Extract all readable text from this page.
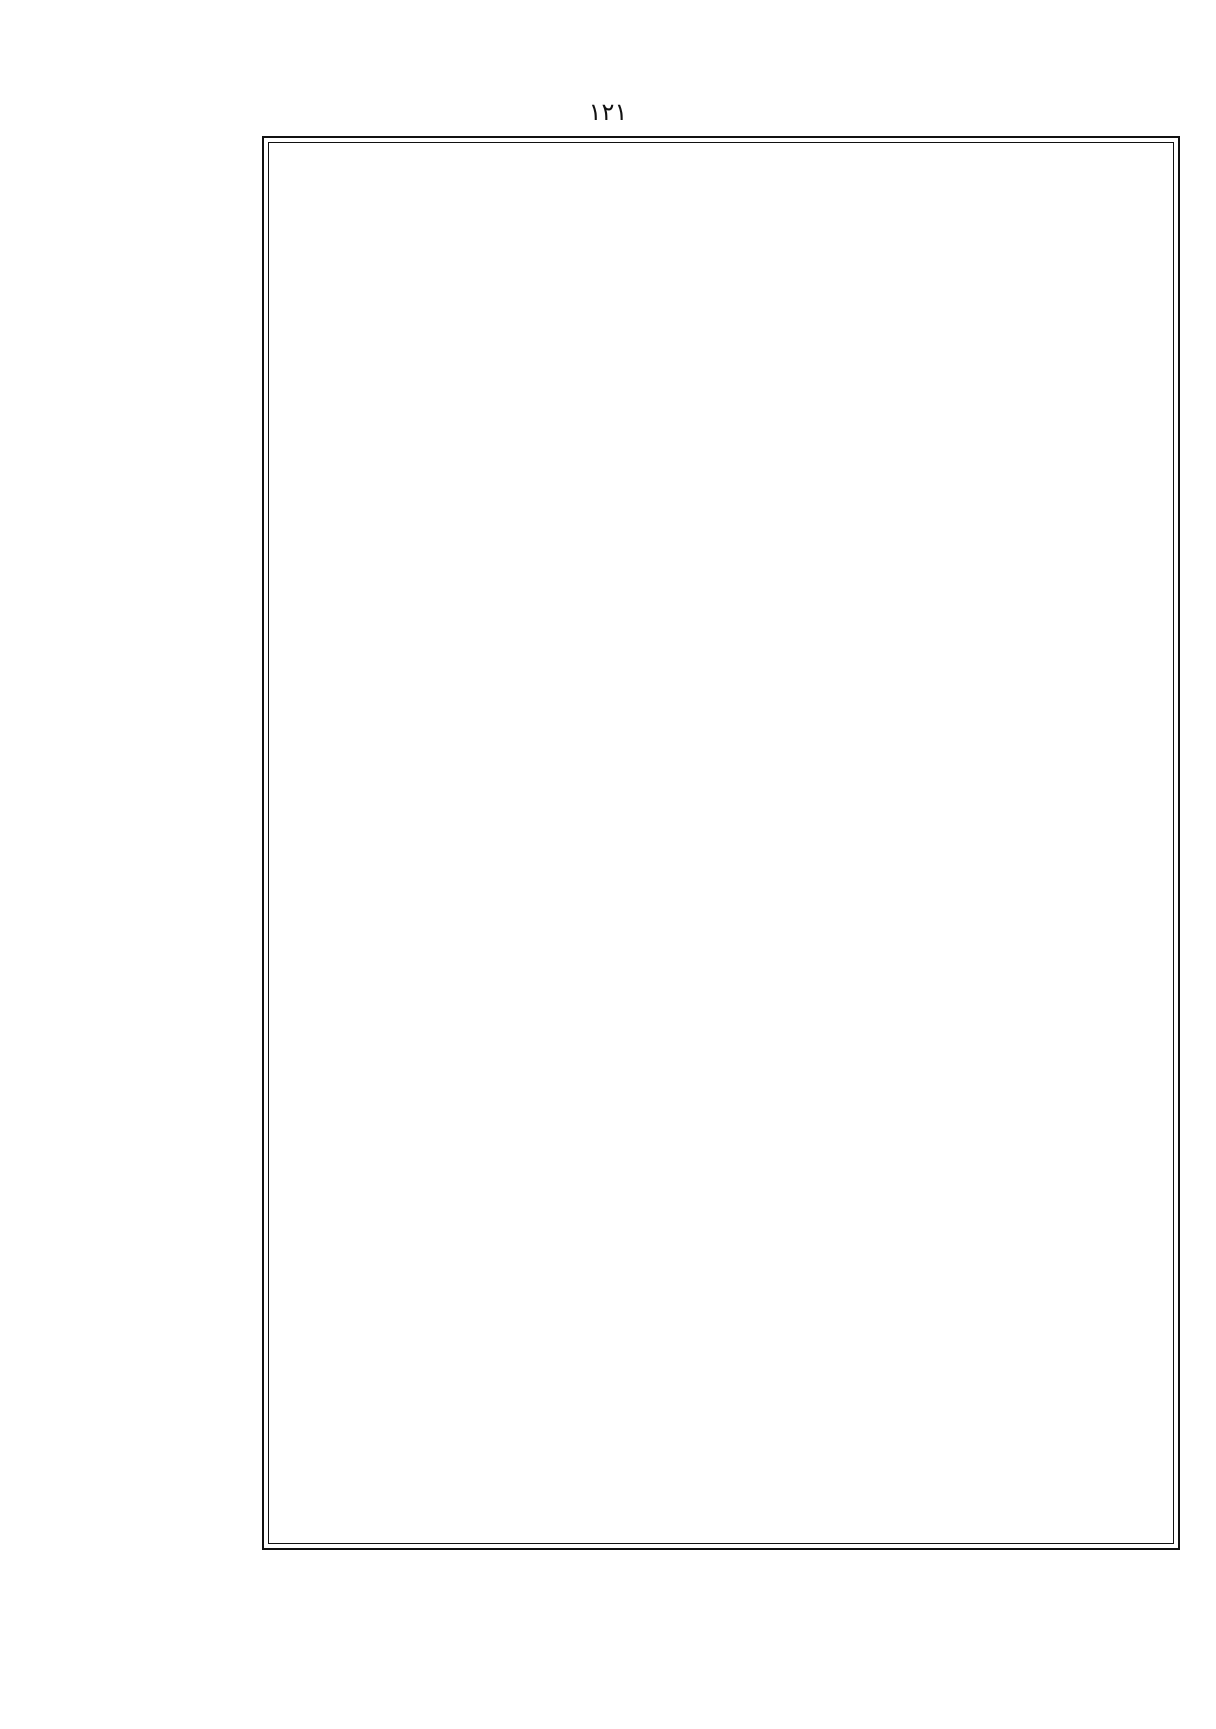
١٢١
